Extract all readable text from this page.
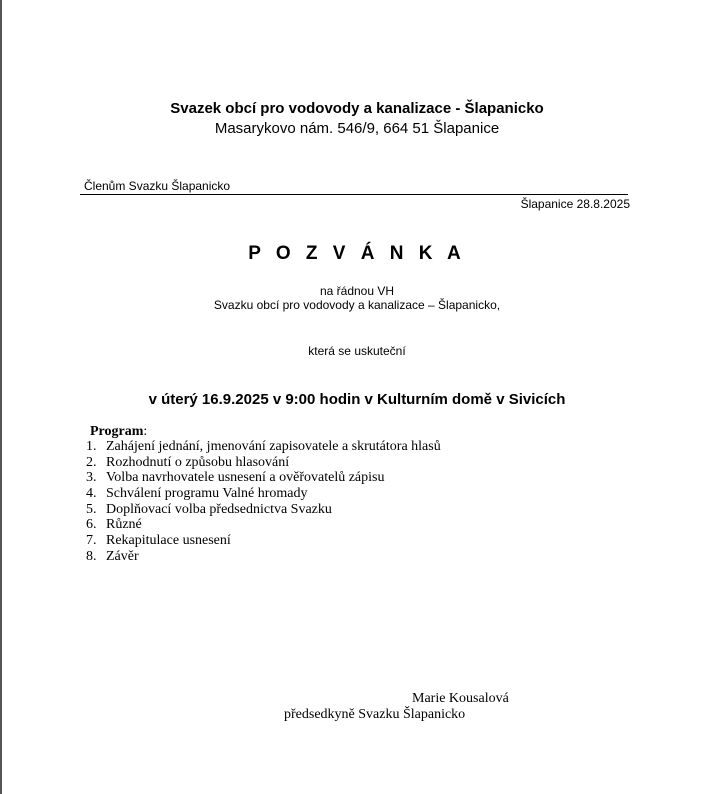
Svazek obcí pro vodovody a kanalizace - Šlapanicko
Masarykovo nám. 546/9, 664 51 Šlapanice
Členům Svazku Šlapanicko
Šlapanice 28.8.2025
P O Z V Á N K A
na řádnou VH
Svazku obcí pro vodovody a kanalizace – Šlapanicko,
která se uskuteční
v úterý 16.9.2025 v 9:00 hodin v Kulturním domě v Sivicích
Program:
1. Zahájení jednání, jmenování zapisovatele a skrutátora hlasů
2. Rozhodnutí o způsobu hlasování
3. Volba navrhovatele usnesení a ověřovatelů zápisu
4. Schválení programu Valné hromady
5. Doplňovací volba předsednictva Svazku
6. Různé
7. Rekapitulace usnesení
8. Závěr
Marie Kousalová
předsedkyně Svazku Šlapanicko
